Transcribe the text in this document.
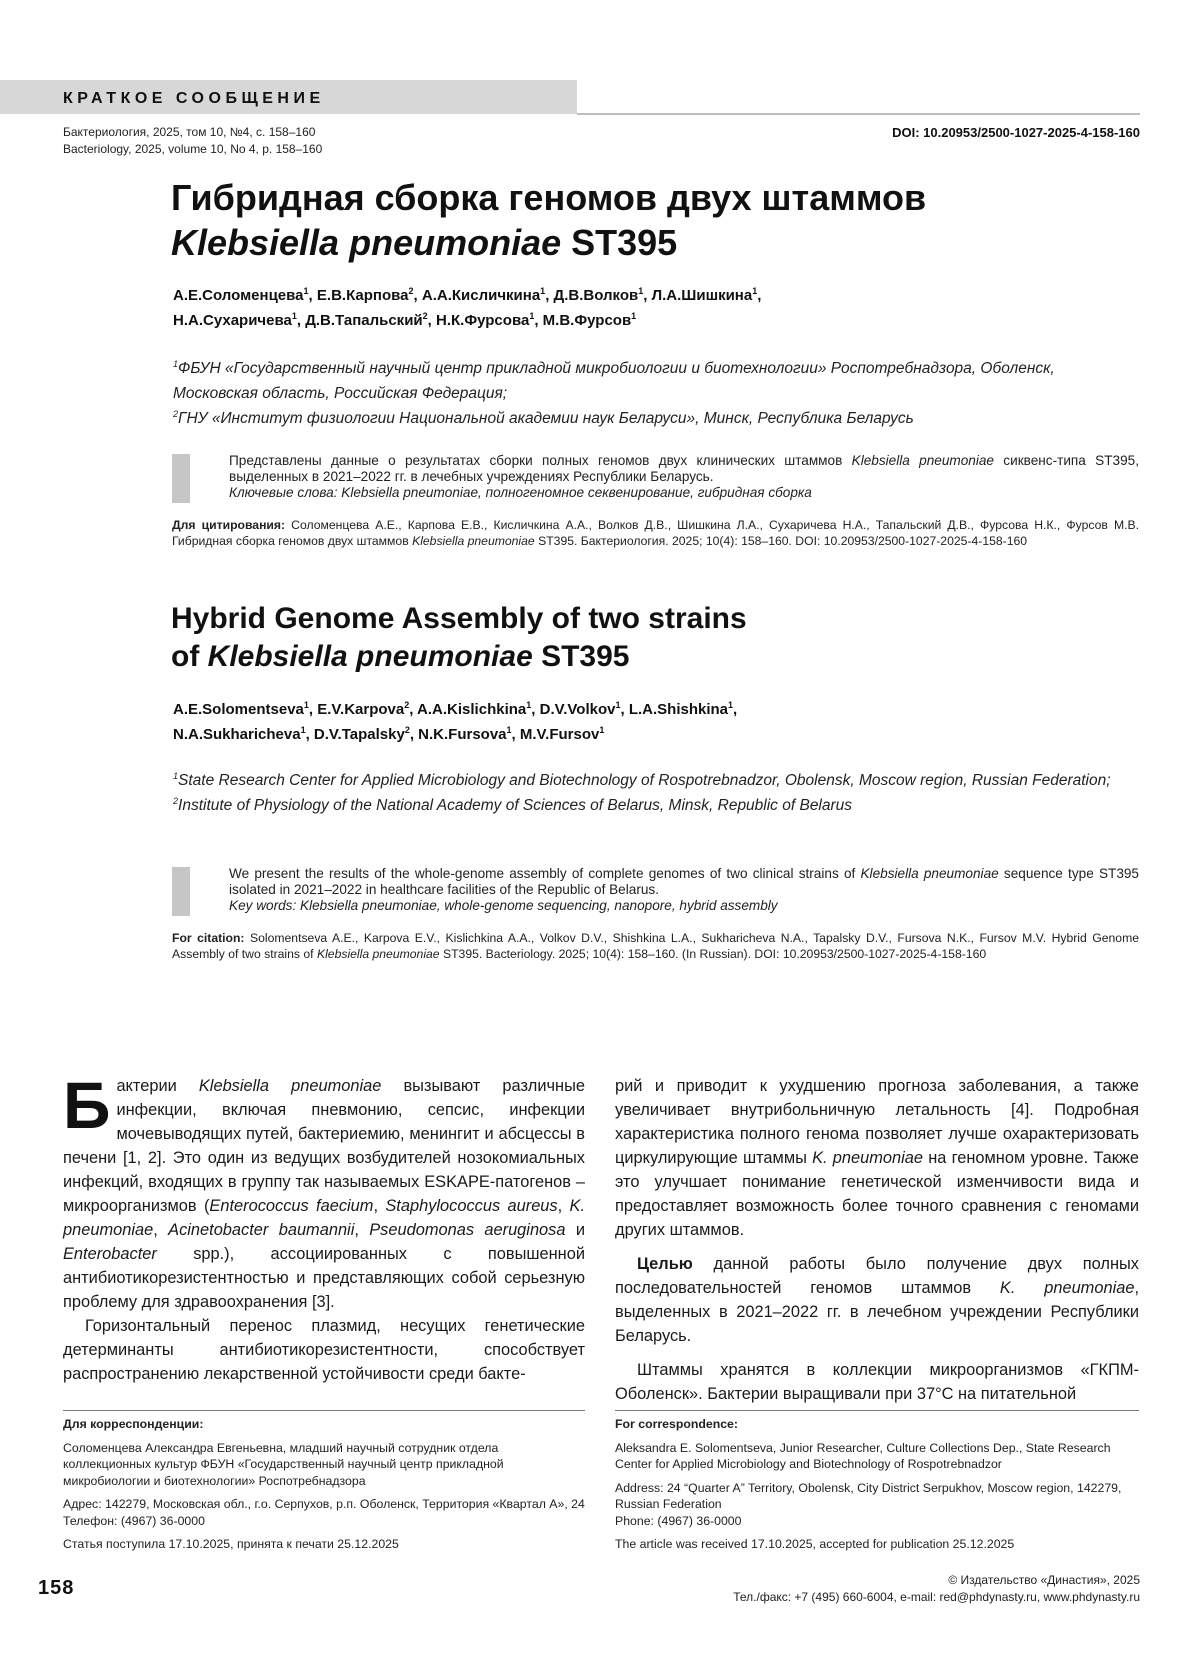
КРАТКОЕ СООБЩЕНИЕ
Бактериология, 2025, том 10, №4, с. 158–160
Bacteriology, 2025, volume 10, No 4, p. 158–160
DOI: 10.20953/2500-1027-2025-4-158-160
Гибридная сборка геномов двух штаммов
Klebsiella pneumoniae ST395
А.Е.Соломенцева$^1$, Е.В.Карпова$^2$, А.А.Кисличкина$^1$, Д.В.Волков$^1$, Л.А.Шишкина$^1$,
Н.А.Сухаричева$^1$, Д.В.Тапальский$^2$, Н.К.Фурсова$^1$, М.В.Фурсов$^1$
$^1$ФБУН «Государственный научный центр прикладной микробиологии и биотехнологии» Роспотребнадзора, Оболенск, Московская область, Российская Федерация;
$^2$ГНУ «Институт физиологии Национальной академии наук Беларуси», Минск, Республика Беларусь
Представлены данные о результатах сборки полных геномов двух клинических штаммов Klebsiella pneumoniae сиквенс-типа ST395, выделенных в 2021–2022 гг. в лечебных учреждениях Республики Беларусь.
Ключевые слова: Klebsiella pneumoniae, полногеномное секвенирование, гибридная сборка
Для цитирования: Соломенцева А.Е., Карпова Е.В., Кисличкина А.А., Волков Д.В., Шишкина Л.А., Сухаричева Н.А., Тапальский Д.В., Фурсова Н.К., Фурсов М.В. Гибридная сборка геномов двух штаммов Klebsiella pneumoniae ST395. Бактериология. 2025; 10(4): 158–160. DOI: 10.20953/2500-1027-2025-4-158-160
Hybrid Genome Assembly of two strains
of Klebsiella pneumoniae ST395
A.E.Solomentseva$^1$, E.V.Karpova$^2$, A.A.Kislichkina$^1$, D.V.Volkov$^1$, L.A.Shishkina$^1$,
N.A.Sukharicheva$^1$, D.V.Tapalsky$^2$, N.K.Fursova$^1$, M.V.Fursov$^1$
$^1$State Research Center for Applied Microbiology and Biotechnology of Rospotrebnadzor, Obolensk, Moscow region, Russian Federation;
$^2$Institute of Physiology of the National Academy of Sciences of Belarus, Minsk, Republic of Belarus
We present the results of the whole-genome assembly of complete genomes of two clinical strains of Klebsiella pneumoniae sequence type ST395 isolated in 2021–2022 in healthcare facilities of the Republic of Belarus.
Key words: Klebsiella pneumoniae, whole-genome sequencing, nanopore, hybrid assembly
For citation: Solomentseva A.E., Karpova E.V., Kislichkina A.A., Volkov D.V., Shishkina L.A., Sukharicheva N.A., Tapalsky D.V., Fursova N.K., Fursov M.V. Hybrid Genome Assembly of two strains of Klebsiella pneumoniae ST395. Bacteriology. 2025; 10(4): 158–160. (In Russian). DOI: 10.20953/2500-1027-2025-4-158-160

Бактерии Klebsiella pneumoniae вызывают различные инфекции, включая пневмонию, сепсис, инфекции мочевыводящих путей, бактериемию, менингит и абсцессы в печени [1, 2]. Это один из ведущих возбудителей нозокомиальных инфекций, входящих в группу так называемых ESKAPE-патогенов – микроорганизмов (Enterococcus faecium, Staphylococcus aureus, K. pneumoniae, Acinetobacter baumannii, Pseudomonas aeruginosa и Enterobacter spp.), ассоциированных с повышенной антибиотикорезистентностью и представляющих собой серьезную проблему для здравоохранения [3].

Горизонтальный перенос плазмид, несущих генетические детерминанты антибиотикорезистентности, способствует распространению лекарственной устойчивости среди бакте-

рий и приводит к ухудшению прогноза заболевания, а также увеличивает внутрибольничную летальность [4]. Подробная характеристика полного генома позволяет лучше охарактеризовать циркулирующие штаммы K. pneumoniae на геномном уровне. Также это улучшает понимание генетической изменчивости вида и предоставляет возможность более точного сравнения с геномами других штаммов.

Целью данной работы было получение двух полных последовательностей геномов штаммов K. pneumoniae, выделенных в 2021–2022 гг. в лечебном учреждении Республики Беларусь.

Штаммы хранятся в коллекции микроорганизмов «ГКПМ-Оболенск». Бактерии выращивали при 37°С на питательной

Для корреспонденции:

Соломенцева Александра Евгеньевна, младший научный сотрудник отдела коллекционных культур ФБУН «Государственный научный центр прикладной микробиологии и биотехнологии» Роспотребнадзора

Адрес: 142279, Московская обл., г.о. Серпухов, р.п. Оболенск, Территория «Квартал А», 24

Телефон: (4967) 36-0000

Статья поступила 17.10.2025, принята к печати 25.12.2025

For correspondence:

Aleksandra E. Solomentseva, Junior Researcher, Culture Collections Dep., State Research Center for Applied Microbiology and Biotechnology of Rospotrebnadzor

Address: 24 “Quarter A” Territory, Obolensk, City District Serpukhov, Moscow region, 142279, Russian Federation

Phone: (4967) 36-0000

The article was received 17.10.2025, accepted for publication 25.12.2025

158	© Издательство «Династия», 2025
Тел./факс: +7 (495) 660-6004, e-mail: red@phdynasty.ru, www.phdynasty.ru
